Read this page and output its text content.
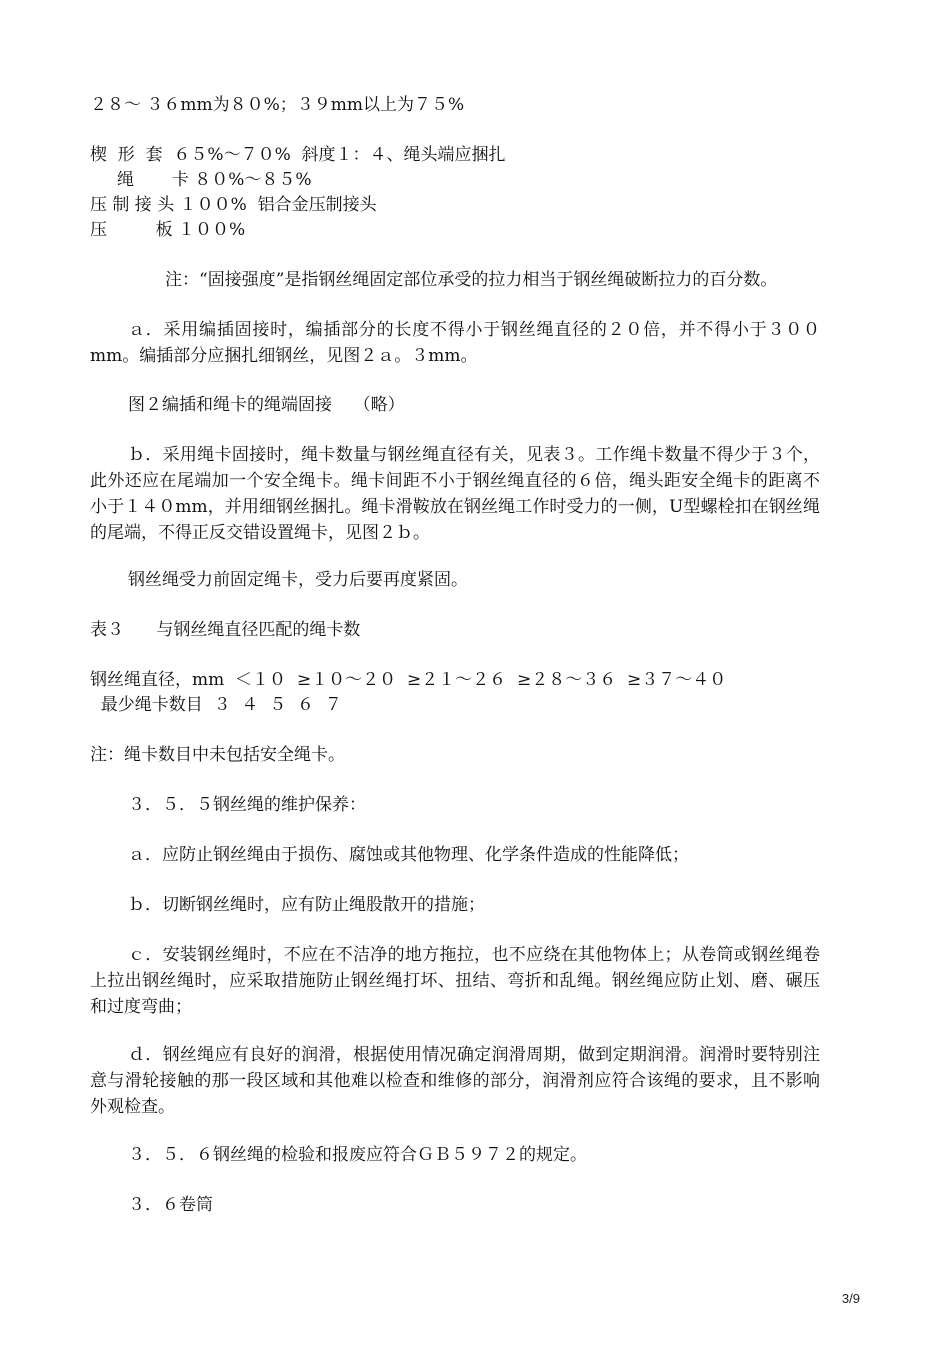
２８～ ３６mm为８０%；３９mm以上为７５%

楔  形  套  ６５%～７０%  斜度１：４、绳头端应捆扎

绳       卡 ８０%～８５%

压 制 接 头 １００%  铝合金压制接头

压         板 １００%

注：“固接强度”是指钢丝绳固定部位承受的拉力相当于钢丝绳破断拉力的百分数。

ａ．采用编插固接时，编插部分的长度不得小于钢丝绳直径的２０倍，并不得小于３００mm。编插部分应捆扎细钢丝，见图２ａ。３mm。

图２编插和绳卡的绳端固接    （略）

ｂ．采用绳卡固接时，绳卡数量与钢丝绳直径有关，见表３。工作绳卡数量不得少于３个，此外还应在尾端加一个安全绳卡。绳卡间距不小于钢丝绳直径的６倍，绳头距安全绳卡的距离不小于１４０mm，并用细钢丝捆扎。绳卡滑鞍放在钢丝绳工作时受力的一侧，U型螺栓扣在钢丝绳的尾端，不得正反交错设置绳卡，见图２ｂ。

钢丝绳受力前固定绳卡，受力后要再度紧固。

表３      与钢丝绳直径匹配的绳卡数

钢丝绳直径，mm  ＜１０  ≥１０～２０  ≥２１～２６  ≥２８～３６  ≥３７～４０

最少绳卡数目  ３  ４  ５  ６  ７

注：绳卡数目中未包括安全绳卡。

３．５．５钢丝绳的维护保养：

ａ．应防止钢丝绳由于损伤、腐蚀或其他物理、化学条件造成的性能降低；

ｂ．切断钢丝绳时，应有防止绳股散开的措施；

ｃ．安装钢丝绳时，不应在不洁净的地方拖拉，也不应绕在其他物体上；从卷筒或钢丝绳卷上拉出钢丝绳时，应采取措施防止钢丝绳打坏、扭结、弯折和乱绳。钢丝绳应防止划、磨、碾压和过度弯曲；

ｄ．钢丝绳应有良好的润滑，根据使用情况确定润滑周期，做到定期润滑。润滑时要特别注意与滑轮接触的那一段区域和其他难以检查和维修的部分，润滑剂应符合该绳的要求，且不影响外观检查。

３．５．６钢丝绳的检验和报废应符合ＧＢ５９７２的规定。

３．６卷筒

3/9
